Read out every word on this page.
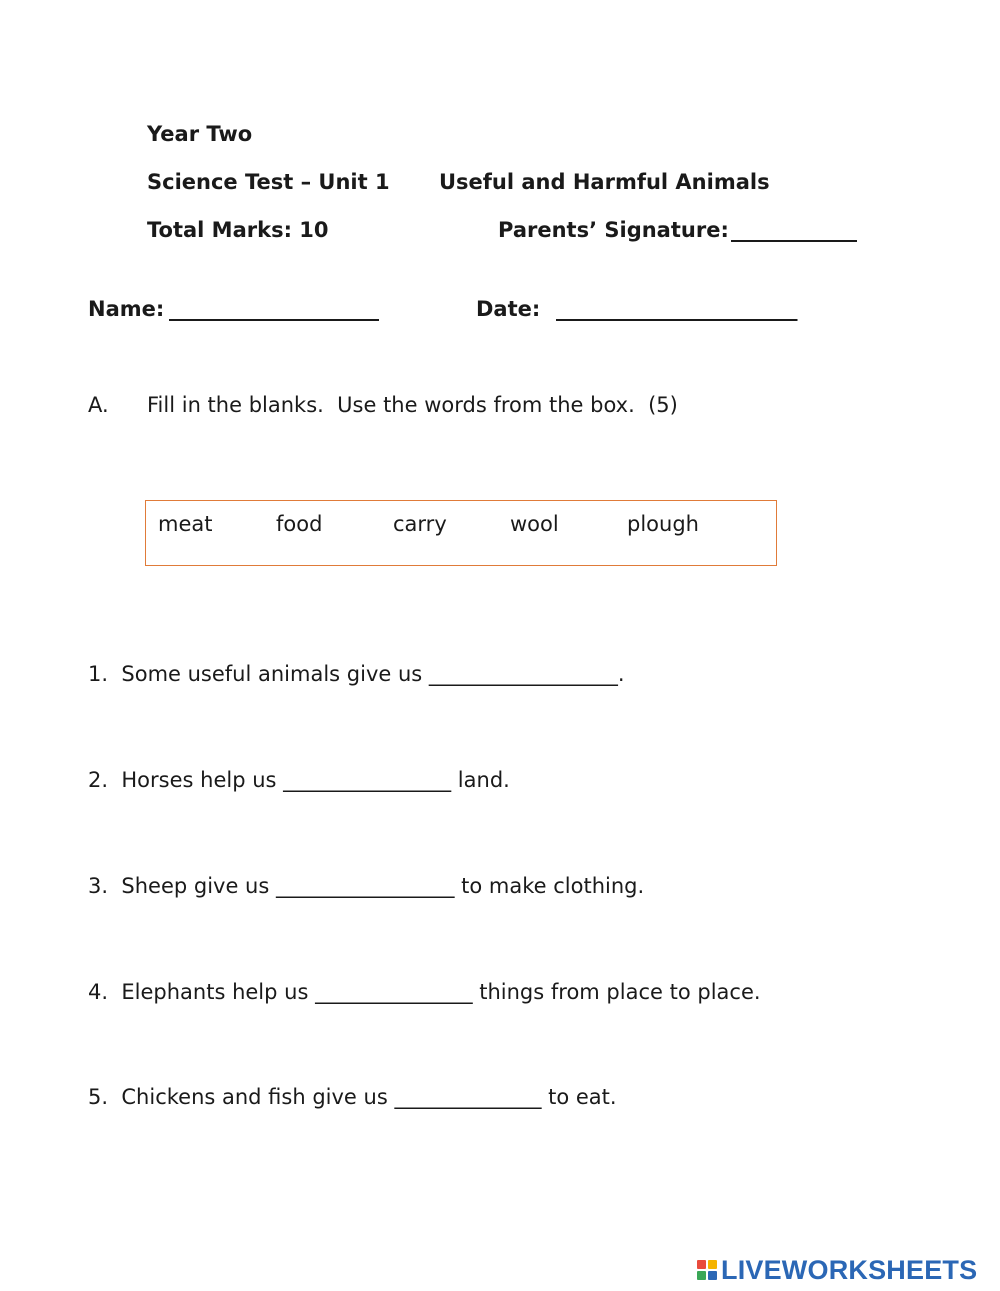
Year Two
Science Test – Unit 1 Useful and Harmful Animals
Total Marks: 10	Parents’ Signature: ____________
Name: ____________________	Date: _______________________
A. Fill in the blanks.  Use the words from the box.  (5)
meat	food	carry	wool	plough
1.  Some useful animals give us __________________.
2.  Horses help us ________________ land.
3.  Sheep give us _________________ to make clothing.
4.  Elephants help us _______________ things from place to place.
5.  Chickens and fish give us ______________ to eat.
LIVEWORKSHEETS
